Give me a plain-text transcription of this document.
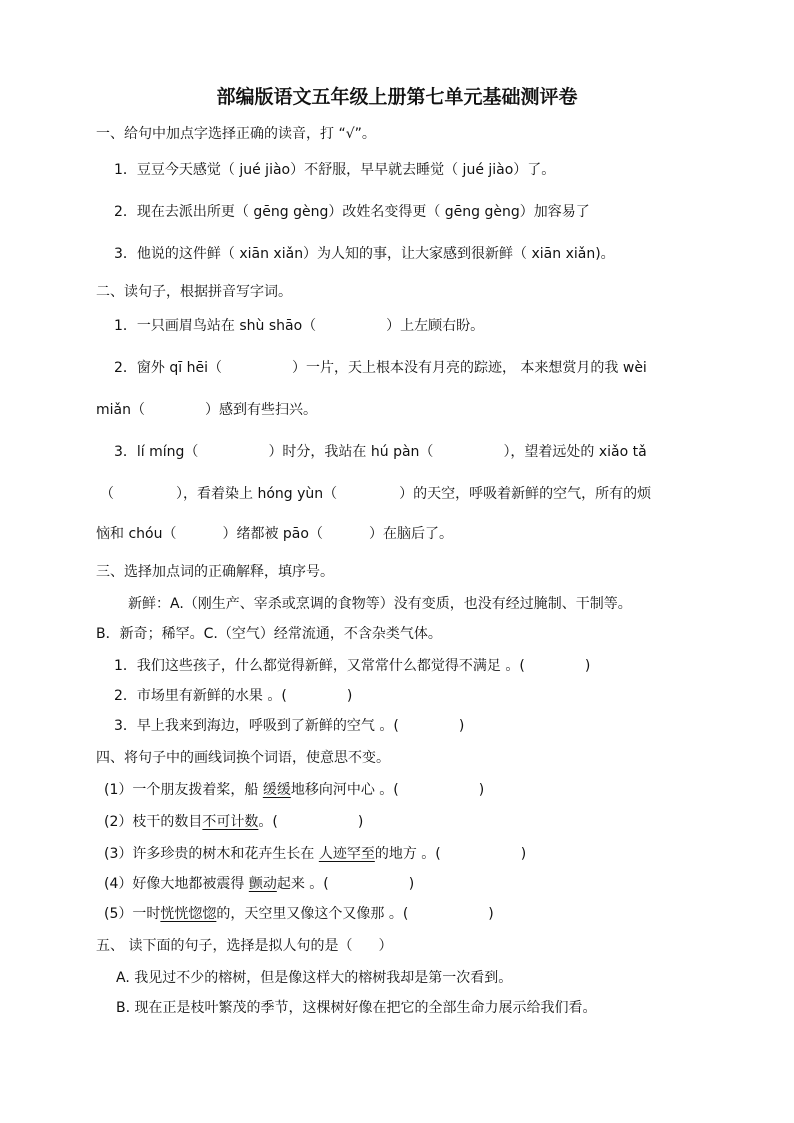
部编版语文五年级上册第七单元基础测评卷
一、给句中加点字选择正确的读音，打 “√”。
1．豆豆今天感觉（ jué jiào）不舒服，早早就去睡觉（ jué jiào）了。
2．现在去派出所更（ gēng gèng）改姓名变得更（ gēng gèng）加容易了
3．他说的这件鲜（ xiān xiǎn）为人知的事，让大家感到很新鲜（ xiān xiǎn)。
二、读句子，根据拼音写字词。
1．一只画眉鸟站在 shù shāo（	）上左顾右盼。
2．窗外 qī hēi（	）一片，天上根本没有月亮的踪迹， 本来想赏月的我 wèi
miǎn（	）感到有些扫兴。
3．lí míng（	）时分，我站在 hú pàn（	），望着远处的 xiǎo tǎ
（	），看着染上 hóng yùn（	）的天空，呼吸着新鲜的空气，所有的烦
恼和 chóu（	）绪都被 pāo（	）在脑后了。
三、选择加点词的正确解释，填序号。
新鲜：A.（刚生产、宰杀或烹调的食物等）没有变质，也没有经过腌制、干制等。
B．新奇；稀罕。C.（空气）经常流通，不含杂类气体。
1．我们这些孩子，什么都觉得新鲜，又常常什么都觉得不满足 。(	)
2．市场里有新鲜的水果 。(	)
3．早上我来到海边，呼吸到了新鲜的空气 。(	)
四、将句子中的画线词换个词语，使意思不变。
(1）一个朋友拨着桨，船 缓缓地移向河中心 。(	)
(2）枝干的数目不可计数。(	)
(3）许多珍贵的树木和花卉生长在 人迹罕至的地方 。(	)
(4）好像大地都被震得 颤动起来 。(	)
(5）一时恍恍惚惚的，天空里又像这个又像那 。(	)
五、 读下面的句子，选择是拟人句的是（ ）
A. 我见过不少的榕树，但是像这样大的榕树我却是第一次看到。
B. 现在正是枝叶繁茂的季节，这棵树好像在把它的全部生命力展示给我们看。
